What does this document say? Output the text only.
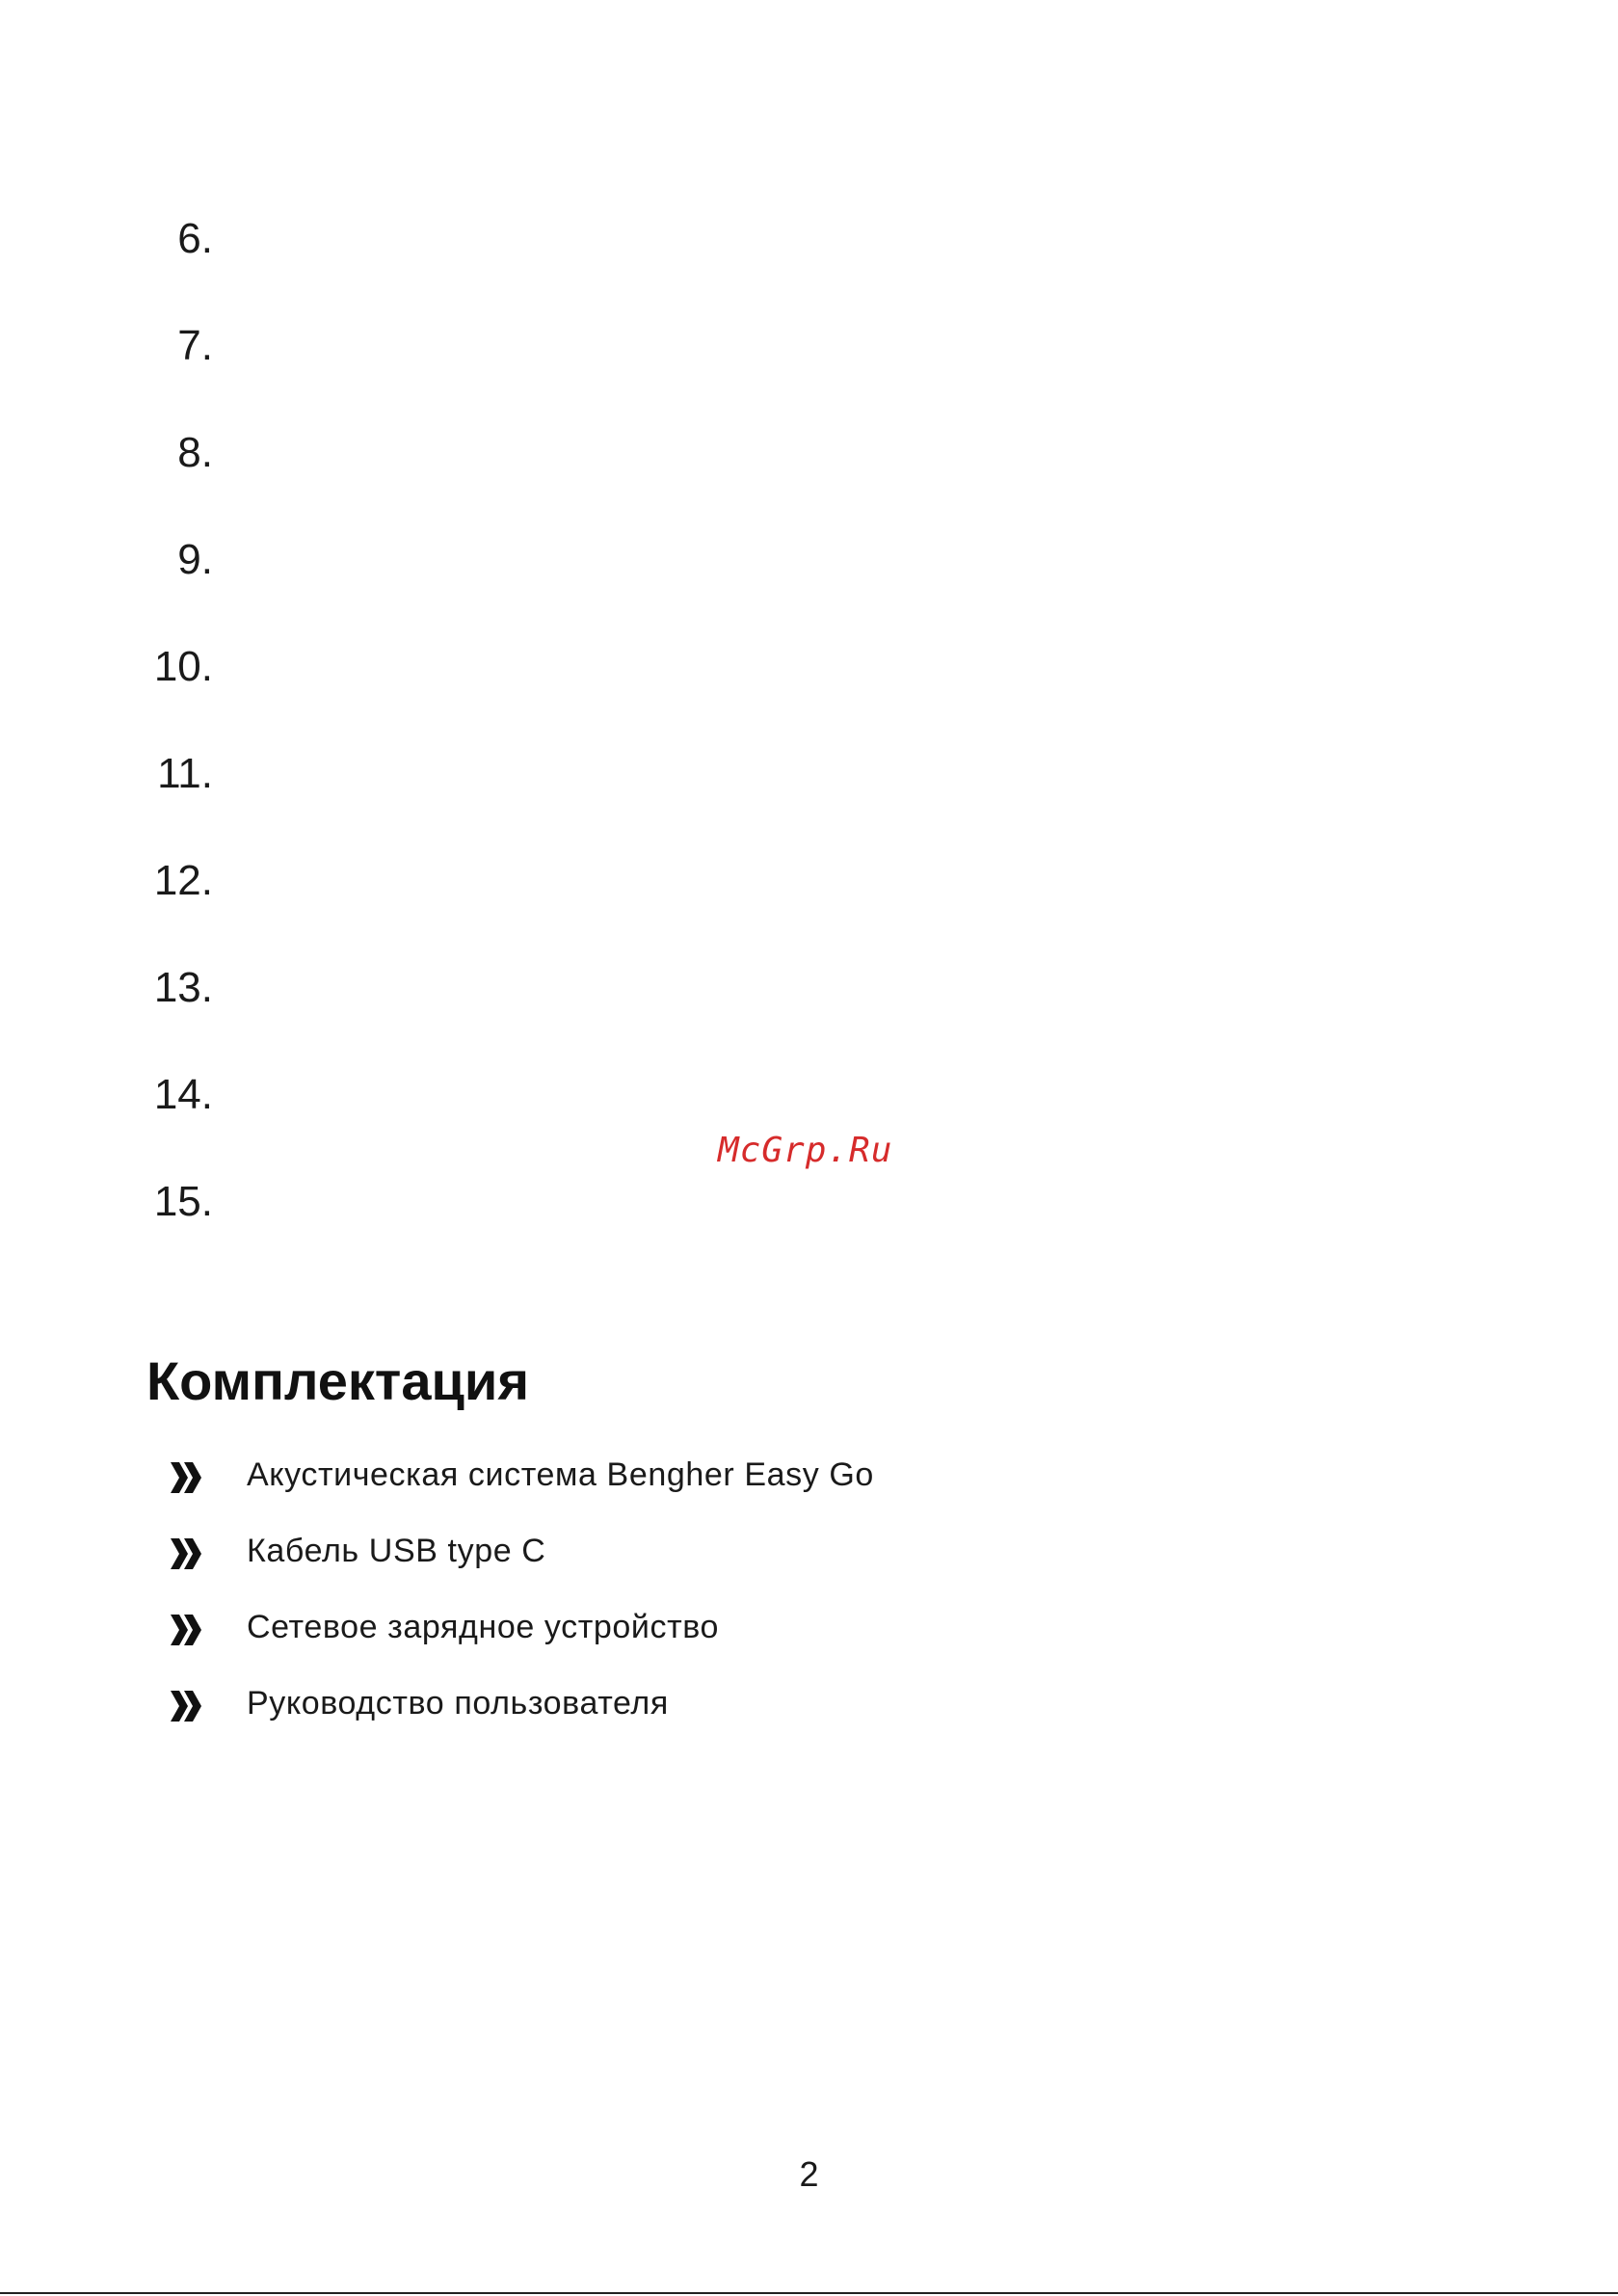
6.
7.
8.
9.
10.
11.
12.
13.
14.
15.
McGrp.Ru
Комплектация
Акустическая система Bengher Easy Go
Кабель USB type C
Сетевое зарядное устройство
Руководство пользователя
2
